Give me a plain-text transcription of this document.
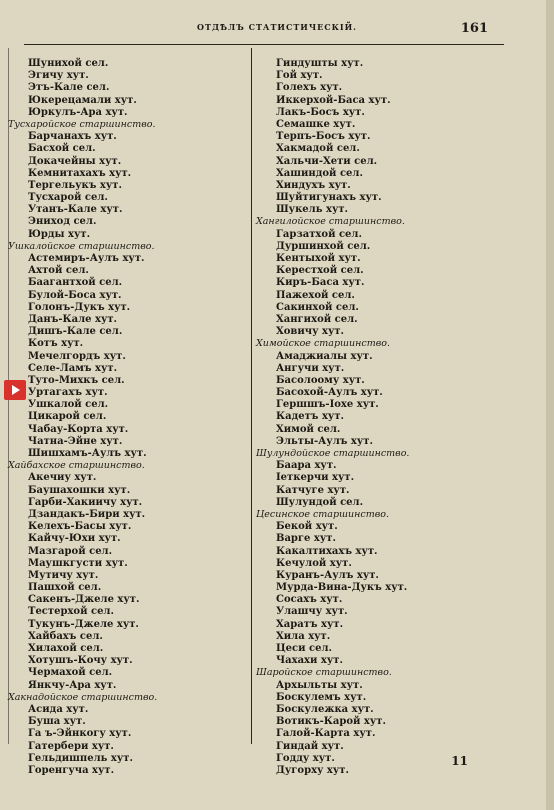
ОТДѢЛЪ СТАТИСТИЧЕСКІЙ.	161
Шунихой сел.
Эгичу хут.
Этъ-Кале сел.
Юкерецамали хут.
Юркулъ-Ара хут.
Тусхаройское старшинство.
Барчанахъ хут.
Басхой сел.
Докачейны хут.
Кемнитахахъ хут.
Тергельукъ хут.
Тусхарой сел.
Утанъ-Кале хут.
Эниход сел.
Юрды хут.
Ушкалойское старшинство.
Астемиръ-Аулъ хут.
Ахтой сел.
Баагантхой сел.
Булой-Боса хут.
Голонъ-Дукъ хут.
Данъ-Кале хут.
Дишъ-Кале сел.
Котъ хут.
Мечелгордъ хут.
Селе-Ламъ хут.
Туто-Михкъ сел.
Уртагахъ хут.
Ушкалой сел.
Цикарой сел.
Чабау-Корта хут.
Чатна-Эйне хут.
Шишхамъ-Аулъ хут.
Хайбахское старшинство.
Акечиу хут.
Баушахошки хут.
Гарби-Хакиичу хут.
Дзандакъ-Бири хут.
Келехъ-Басы хут.
Кайчу-Юхи хут.
Мазгарой сел.
Маушкгусти хут.
Мутичу хут.
Пашхой сел.
Сакенъ-Джеле хут.
Тестерхой сел.
Тукунъ-Джеле хут.
Хайбахъ сел.
Хилахой сел.
Хотушъ-Кочу хут.
Чермахой сел.
Янкчу-Ара хут.
Хакнадойское старшинство.
Асида хут.
Буша хут.
Га ъ-Эйнкогу хут.
Гатербери хут.
Гельдишпель хут.
Горенгуча хут.
Гиндушты хут.
Гой хут.
Голехъ хут.
Иккерхой-Баса хут.
Лакъ-Босъ хут.
Семашке хут.
Терпъ-Босъ хут.
Хакмадой сел.
Хальчи-Хети сел.
Хашиндой сел.
Хиндухъ хут.
Шуйтигунахъ хут.
Шукель хут.
Хангилойское старшинство.
Гарзатхой сел.
Дуршинхой сел.
Кентыхой хут.
Керестхой сел.
Киръ-Баса хут.
Пажехой сел.
Сакинхой сел.
Хангихой сел.
Ховичу хут.
Химойское старшинство.
Амаджиалы хут.
Ангучи хут.
Басолоому хут.
Басохой-Аулъ хут.
Гершшъ-Іохе хут.
Кадетъ хут.
Химой сел.
Эльты-Аулъ хут.
Шулундойское старшинство.
Баара хут.
Іеткерчи хут.
Катчуге хут.
Шулундой сел.
Цесинское старшинство.
Бекой хут.
Варге хут.
Какалтихахъ хут.
Кечулой хут.
Куранъ-Аулъ хут.
Мурда-Вина-Дукъ хут.
Сосахъ хут.
Улашчу хут.
Харатъ хут.
Хила хут.
Цеси сел.
Чахахи хут.
Шаройское старшинство.
Архыльты хут.
Боскулемъ хут.
Боскулежка хут.
Вотикъ-Карой хут.
Галой-Карта хут.
Гиндай хут.
Годду хут.
Дугорху хут.
11
